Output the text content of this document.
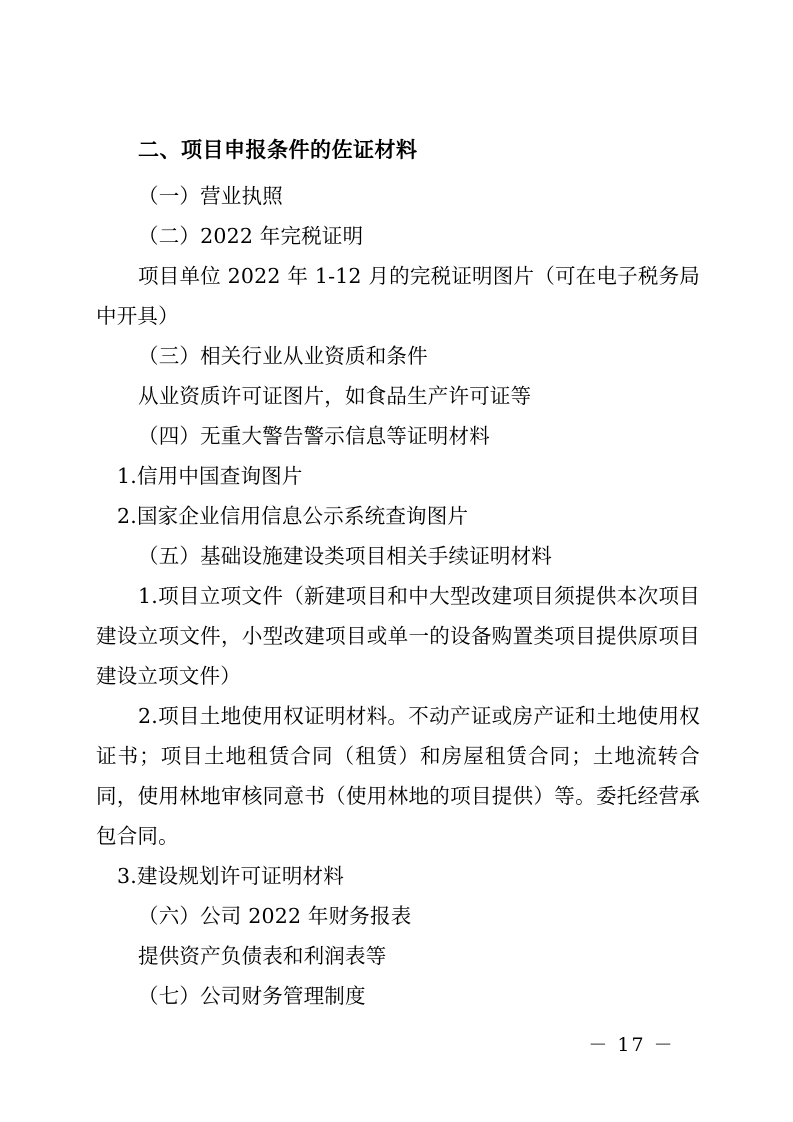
二、项目申报条件的佐证材料

（一）营业执照

（二）2022 年完税证明

项目单位 2022 年 1-12 月的完税证明图片（可在电子税务局中开具）

（三）相关行业从业资质和条件

从业资质许可证图片，如食品生产许可证等

（四）无重大警告警示信息等证明材料

1.信用中国查询图片

2.国家企业信用信息公示系统查询图片

（五）基础设施建设类项目相关手续证明材料

1.项目立项文件（新建项目和中大型改建项目须提供本次项目建设立项文件，小型改建项目或单一的设备购置类项目提供原项目建设立项文件）

2.项目土地使用权证明材料。不动产证或房产证和土地使用权证书；项目土地租赁合同（租赁）和房屋租赁合同；土地流转合同，使用林地审核同意书（使用林地的项目提供）等。委托经营承包合同。

3.建设规划许可证明材料

（六）公司 2022 年财务报表

提供资产负债表和利润表等

（七）公司财务管理制度

－ 17 －
